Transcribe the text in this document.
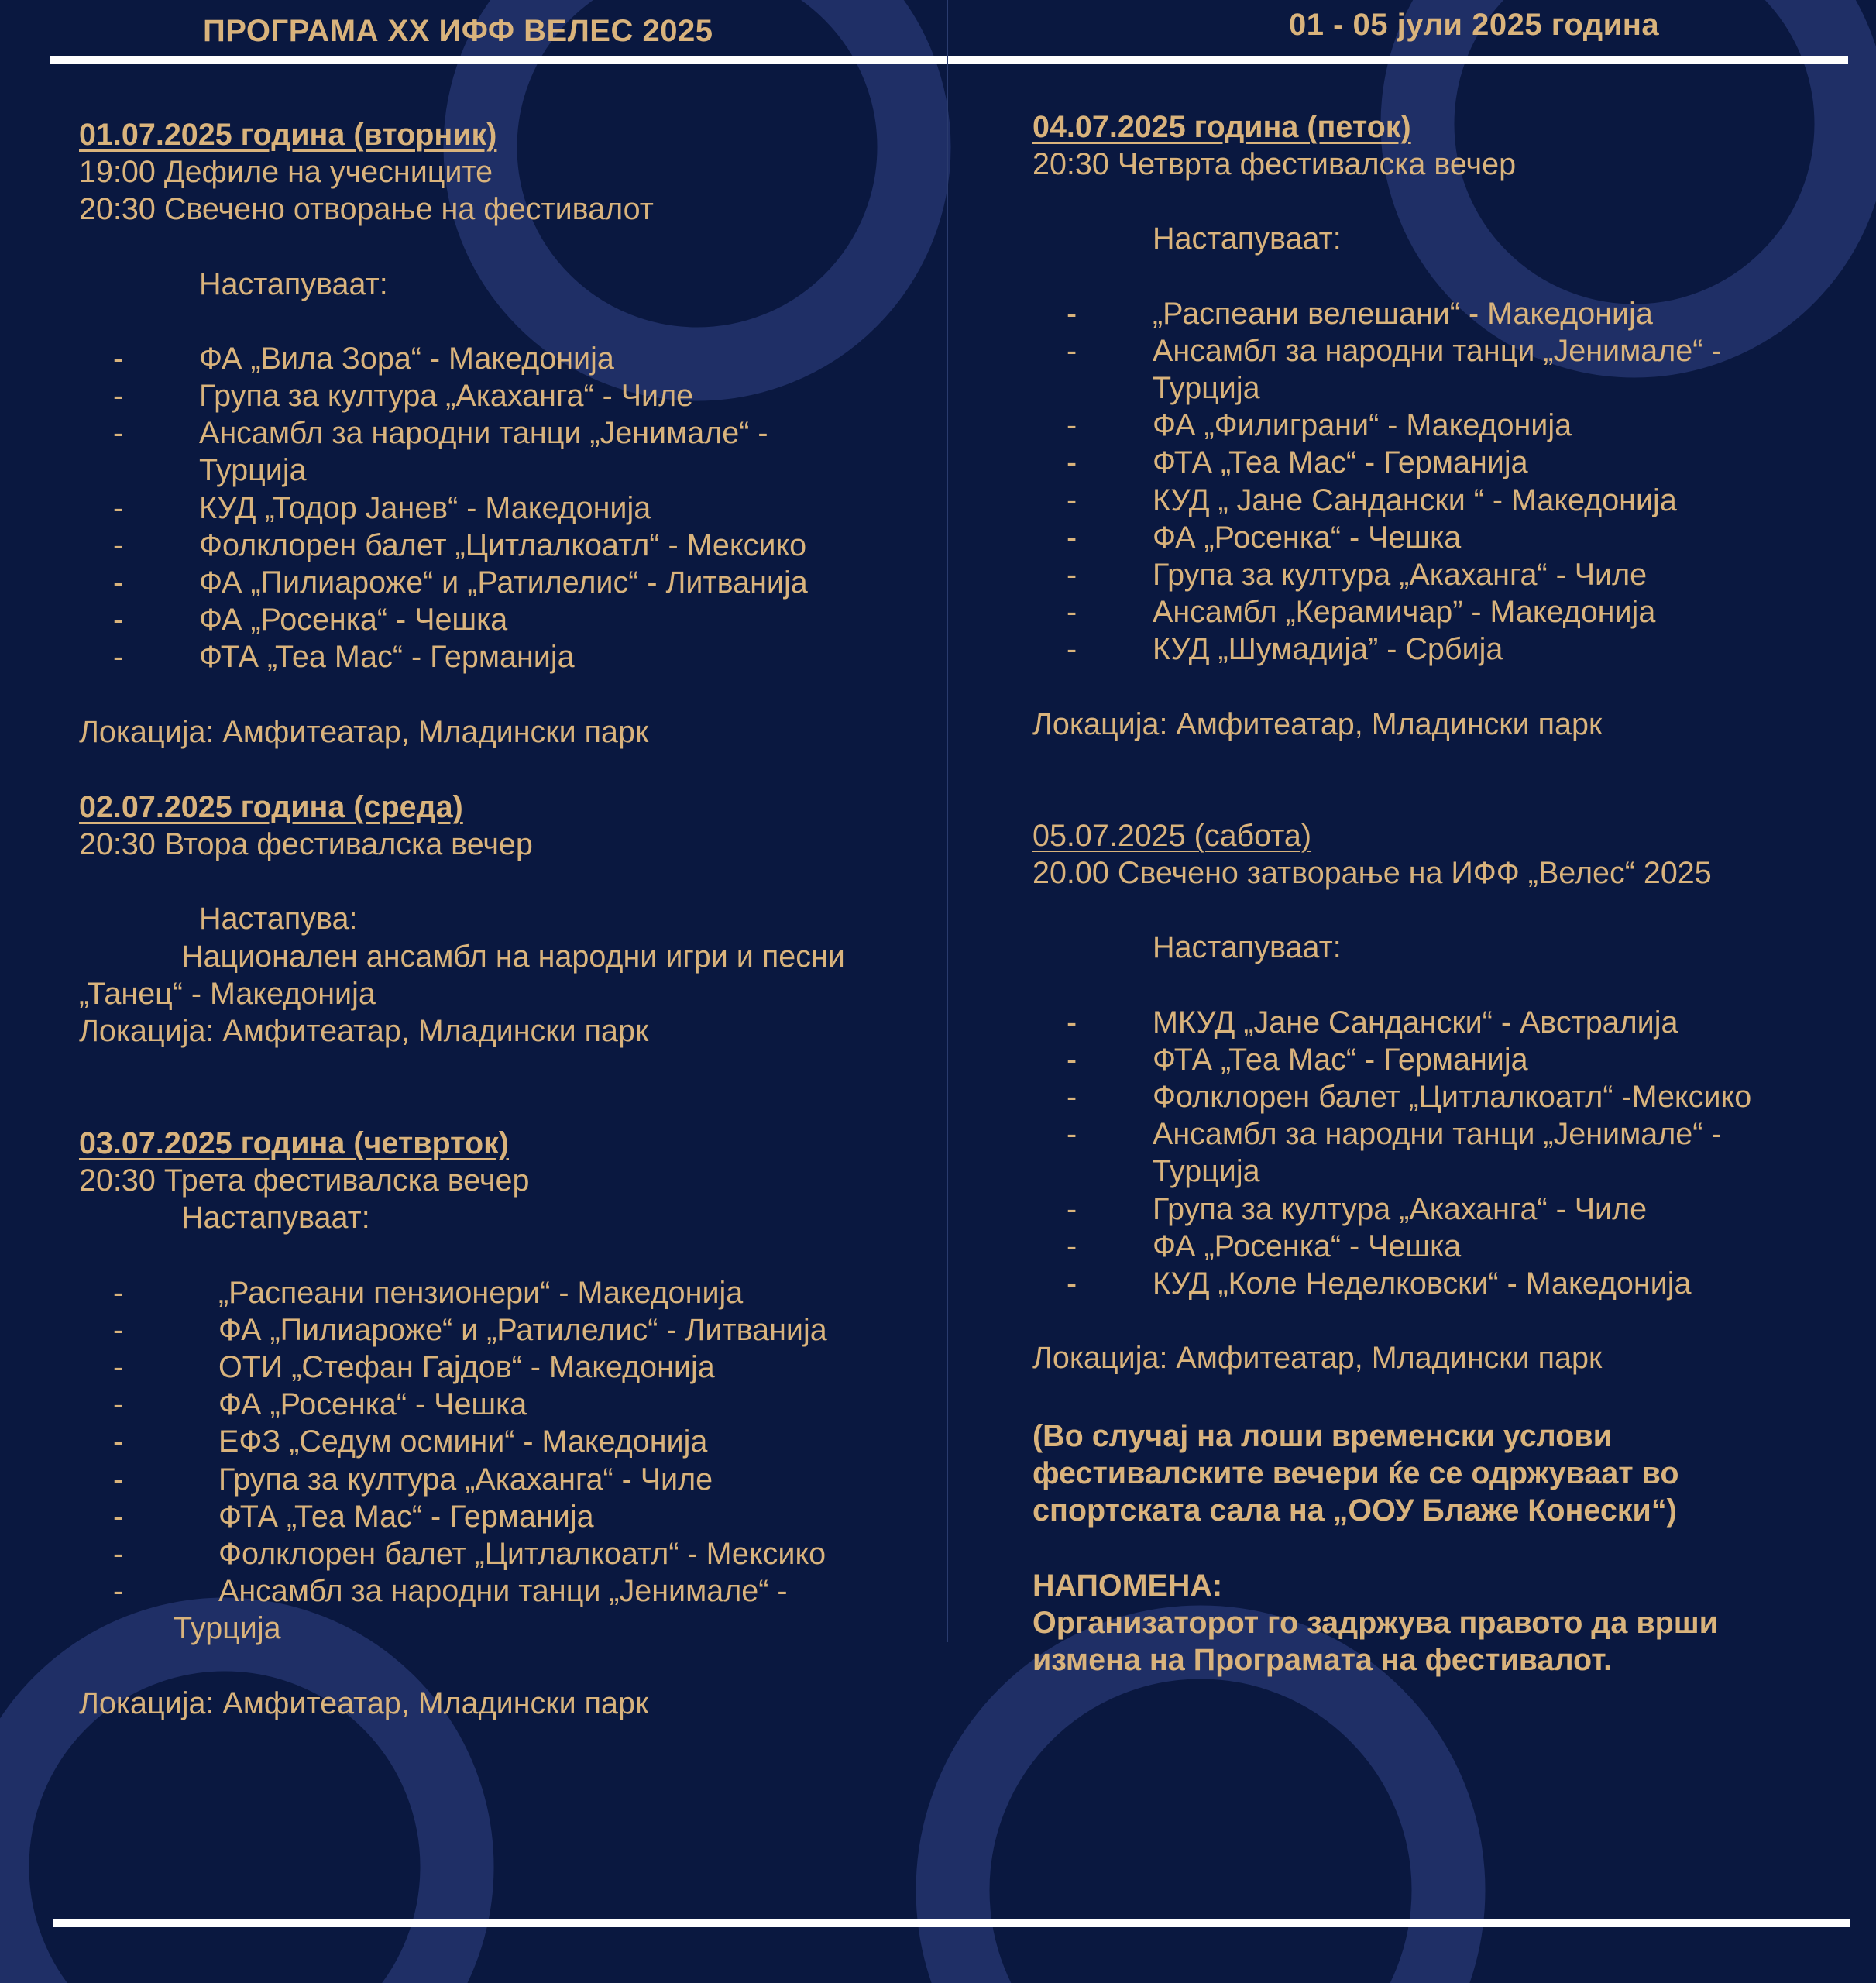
ПРОГРАМА XX ИФФ ВЕЛЕС 2025	01 - 05 јули 2025 година
01.07.2025 година (вторник)
19:00 Дефиле на учесниците
20:30 Свечено отворање на фестивалот
Настапуваат:
- ФА „Вила Зора“ - Македонија
- Група за култура „Акаханга“ - Чиле
- Ансамбл за народни танци „Јенимале“ - Турција
- КУД „Тодор Јанев“ - Македонија
- Фолклорен балет „Цитлалкоатл“ - Мексико
- ФА „Пилиароже“ и „Ратилелис“ - Литванија
- ФА „Росенка“ - Чешка
- ФТА „Теа Мас“ - Германија
Локација: Амфитеатар, Младински парк
02.07.2025 година (среда)
20:30 Втора фестивалска вечер
Настапува:
Национален ансамбл на народни игри и песни
„Танец“ - Македонија
Локација: Амфитеатар, Младински парк
03.07.2025 година (четврток)
20:30 Трета фестивалска вечер
Настапуваат:
-	„Распеани пензионери“ - Македонија
-	ФА „Пилиароже“ и „Ратилелис“ - Литванија
-	ОТИ „Стефан Гајдов“ - Македонија
-	ФА „Росенка“ - Чешка
-	ЕФЗ „Седум осмини“ - Македонија
-	Група за култура „Акаханга“ - Чиле
-	ФТА „Теа Мас“ - Германија
-	Фолклорен балет „Цитлалкоатл“ - Мексико
-	Ансамбл за народни танци „Јенимале“ -
Турција
Локација: Амфитеатар, Младински парк
04.07.2025 година (петок)
20:30 Четврта фестивалска вечер
Настапуваат:
- „Распеани велешани“ - Македонија
- Ансамбл за народни танци „Јенимале“ - Турција
- ФА „Филиграни“ - Македонија
- ФТА „Теа Мас“ - Германија
- КУД „ Јане Сандански “ - Македонија
- ФА „Росенка“ - Чешка
- Група за култура „Акаханга“ - Чиле
- Ансамбл „Керамичар” - Македонија
- КУД „Шумадија” - Србија
Локација: Амфитеатар, Младински парк
05.07.2025 (сабота)
20.00 Свечено затворање на ИФФ „Велес“ 2025
Настапуваат:
- МКУД „Јане Сандански“ - Австралија
- ФТА „Теа Мас“ - Германија
- Фолклорен балет „Цитлалкоатл“ -Мексико
- Ансамбл за народни танци „Јенимале“ - Турција
- Група за култура „Акаханга“ - Чиле
- ФА „Росенка“ - Чешка
- КУД „Коле Неделковски“ - Македонија
Локација: Амфитеатар, Младински парк
(Во случај на лоши временски услови фестивалските вечери ќе се одржуваат во спортската сала на „ООУ Блаже Конески“)
НАПОМЕНА:
Организаторот го задржува правото да врши измена на Програмата на фестивалот.
